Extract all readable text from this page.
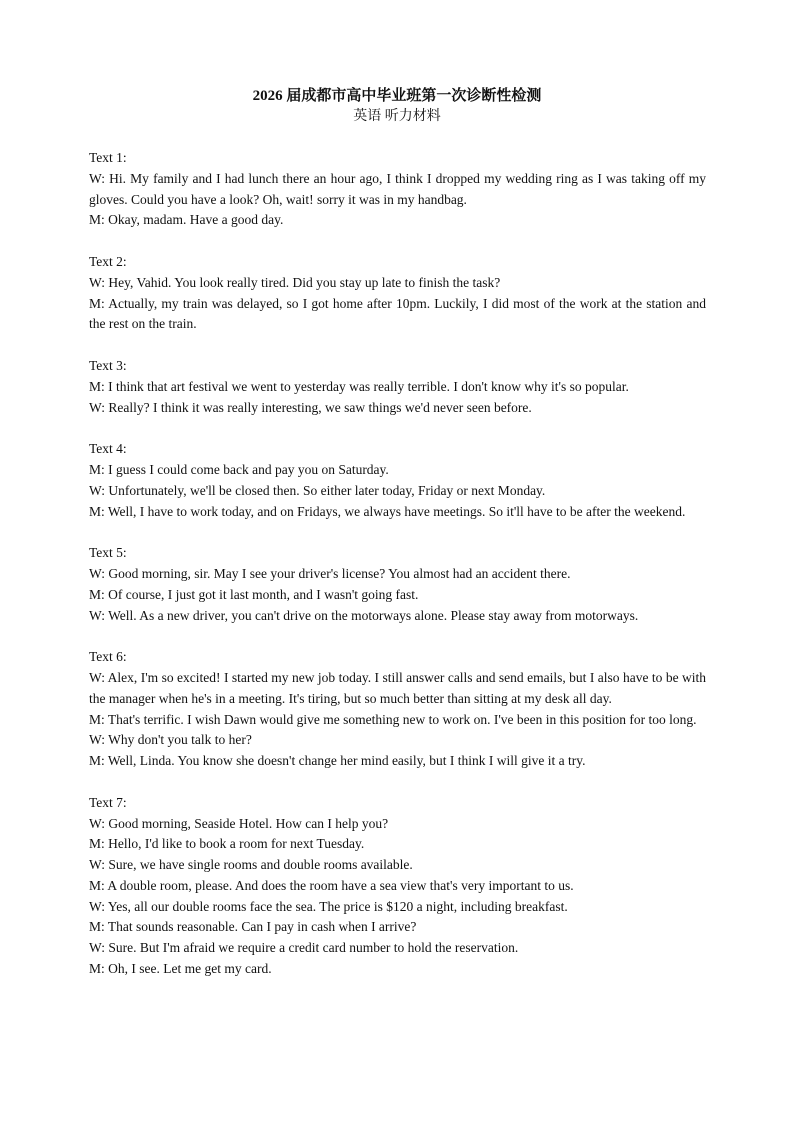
2026 届成都市高中毕业班第一次诊断性检测

英语 听力材料

Text 1:

W: Hi. My family and I had lunch there an hour ago, I think I dropped my wedding ring as I was taking off my gloves. Could you have a look? Oh, wait! sorry it was in my handbag.

M: Okay, madam. Have a good day.

Text 2:

W: Hey, Vahid. You look really tired. Did you stay up late to finish the task?

M: Actually, my train was delayed, so I got home after 10pm. Luckily, I did most of the work at the station and the rest on the train.

Text 3:

M: I think that art festival we went to yesterday was really terrible. I don't know why it's so popular.

W: Really? I think it was really interesting, we saw things we'd never seen before.

Text 4:

M: I guess I could come back and pay you on Saturday.

W: Unfortunately, we'll be closed then. So either later today, Friday or next Monday.

M: Well, I have to work today, and on Fridays, we always have meetings. So it'll have to be after the weekend.

Text 5:

W: Good morning, sir. May I see your driver's license? You almost had an accident there.

M: Of course, I just got it last month, and I wasn't going fast.

W: Well. As a new driver, you can't drive on the motorways alone. Please stay away from motorways.

Text 6:

W: Alex, I'm so excited! I started my new job today. I still answer calls and send emails, but I also have to be with the manager when he's in a meeting. It's tiring, but so much better than sitting at my desk all day.

M: That's terrific. I wish Dawn would give me something new to work on. I've been in this position for too long.

W: Why don't you talk to her?

M: Well, Linda. You know she doesn't change her mind easily, but I think I will give it a try.

Text 7:

W: Good morning, Seaside Hotel. How can I help you?

M: Hello, I'd like to book a room for next Tuesday.

W: Sure, we have single rooms and double rooms available.

M: A double room, please. And does the room have a sea view that's very important to us.

W: Yes, all our double rooms face the sea. The price is $120 a night, including breakfast.

M: That sounds reasonable. Can I pay in cash when I arrive?

W: Sure. But I'm afraid we require a credit card number to hold the reservation.

M: Oh, I see. Let me get my card.
